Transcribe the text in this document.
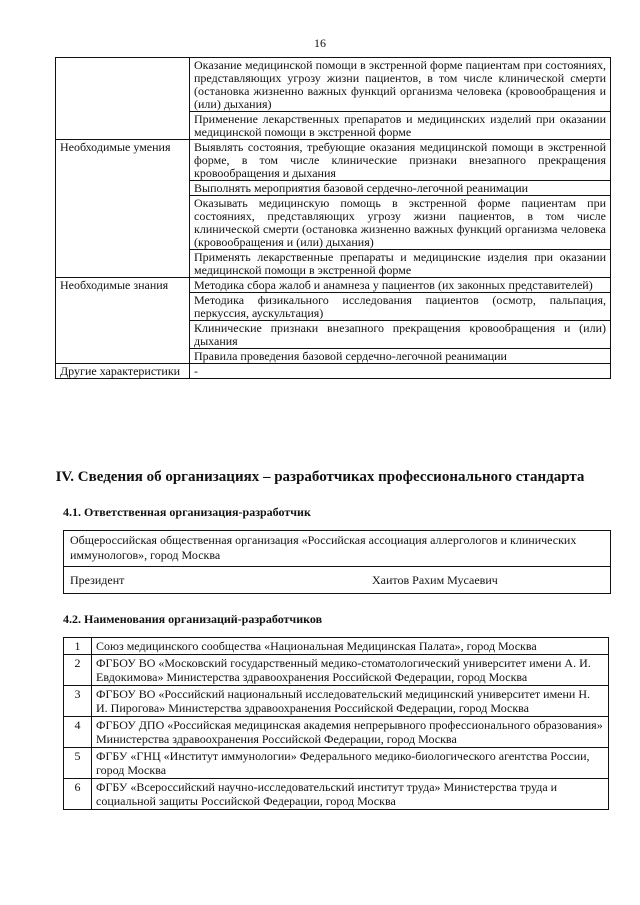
16
	Оказание медицинской помощи в экстренной форме пациентам при состояниях, представляющих угрозу жизни пациентов, в том числе клинической смерти (остановка жизненно важных функций организма человека (кровообращения и (или) дыхания)
	Применение лекарственных препаратов и медицинских изделий при оказании медицинской помощи в экстренной форме
Необходимые умения	Выявлять состояния, требующие оказания медицинской помощи в экстренной форме, в том числе клинические признаки внезапного прекращения кровообращения и дыхания
	Выполнять мероприятия базовой сердечно-легочной реанимации
	Оказывать медицинскую помощь в экстренной форме пациентам при состояниях, представляющих угрозу жизни пациентов, в том числе клинической смерти (остановка жизненно важных функций организма человека (кровообращения и (или) дыхания)
	Применять лекарственные препараты и медицинские изделия при оказании медицинской помощи в экстренной форме
Необходимые знания	Методика сбора жалоб и анамнеза у пациентов (их законных представителей)
	Методика физикального исследования пациентов (осмотр, пальпация, перкуссия, аускультация)
	Клинические признаки внезапного прекращения кровообращения и (или) дыхания
	Правила проведения базовой сердечно-легочной реанимации
Другие характеристики	-
IV. Сведения об организациях – разработчиках профессионального стандарта
4.1. Ответственная организация-разработчик
Общероссийская общественная организация «Российская ассоциация аллергологов и клинических иммунологов», город Москва
Президент	Хаитов Рахим Мусаевич
4.2. Наименования организаций-разработчиков
1	Союз медицинского сообщества «Национальная Медицинская Палата», город Москва
2	ФГБОУ ВО «Московский государственный медико-стоматологический университет имени А. И. Евдокимова» Министерства здравоохранения Российской Федерации, город Москва
3	ФГБОУ ВО «Российский национальный исследовательский медицинский университет имени Н. И. Пирогова» Министерства здравоохранения Российской Федерации, город Москва
4	ФГБОУ ДПО «Российская медицинская академия непрерывного профессионального образования» Министерства здравоохранения Российской Федерации, город Москва
5	ФГБУ «ГНЦ «Институт иммунологии» Федерального медико-биологического агентства России, город Москва
6	ФГБУ «Всероссийский научно-исследовательский институт труда» Министерства труда и социальной защиты Российской Федерации, город Москва
